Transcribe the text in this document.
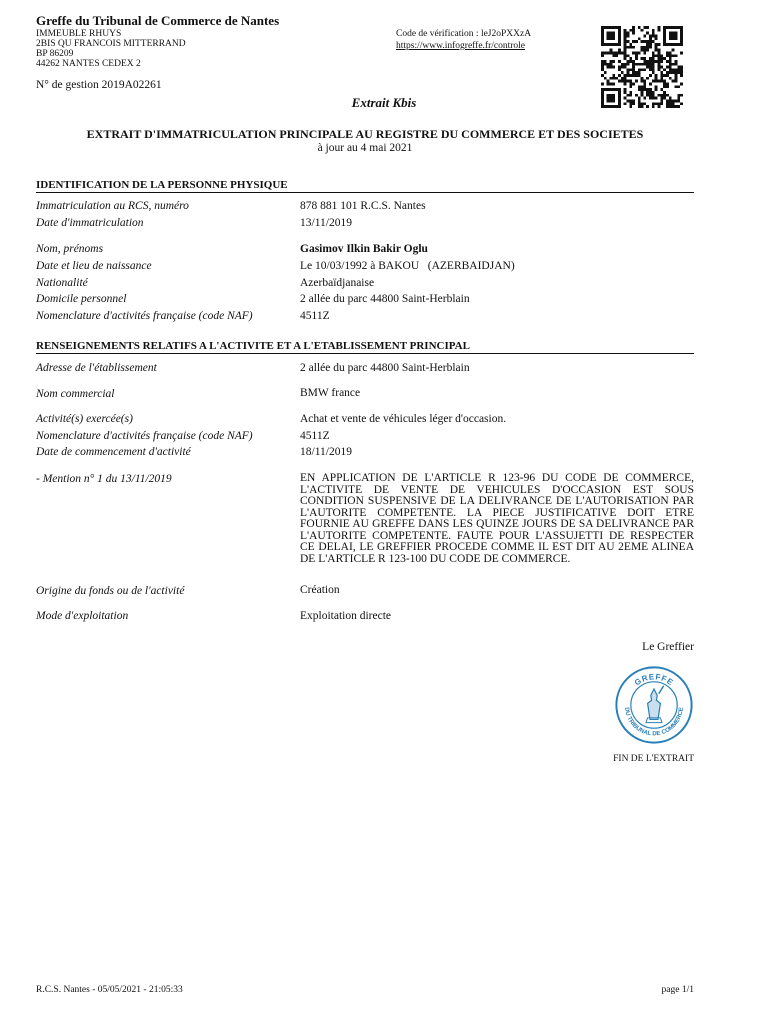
Greffe du Tribunal de Commerce de Nantes
IMMEUBLE RHUYS
2BIS QU FRANCOIS MITTERRAND
BP 86209
44262 NANTES CEDEX 2
N° de gestion 2019A02261
Code de vérification : leJ2oPXXzA
https://www.infogreffe.fr/controle
Extrait Kbis
EXTRAIT D'IMMATRICULATION PRINCIPALE AU REGISTRE DU COMMERCE ET DES SOCIETES
à jour au 4 mai 2021
IDENTIFICATION DE LA PERSONNE PHYSIQUE
Immatriculation au RCS, numéro	878 881 101 R.C.S. Nantes
Date d'immatriculation	13/11/2019
Nom, prénoms	Gasimov Ilkin Bakir Oglu
Date et lieu de naissance	Le 10/03/1992 à BAKOU   (AZERBAIDJAN)
Nationalité	Azerbaïdjanaise
Domicile personnel	2 allée du parc 44800 Saint-Herblain
Nomenclature d'activités française (code NAF)	4511Z
RENSEIGNEMENTS RELATIFS A L'ACTIVITE ET A L'ETABLISSEMENT PRINCIPAL
Adresse de l'établissement	2 allée du parc 44800 Saint-Herblain
Nom commercial	BMW france
Activité(s) exercée(s)	Achat et vente de véhicules léger d'occasion.
Nomenclature d'activités française (code NAF)	4511Z
Date de commencement d'activité	18/11/2019
- Mention n° 1 du 13/11/2019	EN APPLICATION DE L'ARTICLE R 123-96 DU CODE DE COMMERCE, L'ACTIVITE DE VENTE DE VEHICULES D'OCCASION EST SOUS CONDITION SUSPENSIVE DE LA DELIVRANCE DE L'AUTORISATION PAR L'AUTORITE COMPETENTE. LA PIECE JUSTIFICATIVE DOIT ETRE FOURNIE AU GREFFE DANS LES QUINZE JOURS DE SA DELIVRANCE PAR L'AUTORITE COMPETENTE. FAUTE POUR L'ASSUJETTI DE RESPECTER CE DELAI, LE GREFFIER PROCEDE COMME IL EST DIT AU 2EME ALINEA DE L'ARTICLE R 123-100 DU CODE DE COMMERCE.
Origine du fonds ou de l'activité	Création
Mode d'exploitation	Exploitation directe
Le Greffier
GREFFE
DU TRIBUNAL DE COMMERCE
FIN DE L'EXTRAIT
R.C.S. Nantes - 05/05/2021 - 21:05:33	page 1/1
